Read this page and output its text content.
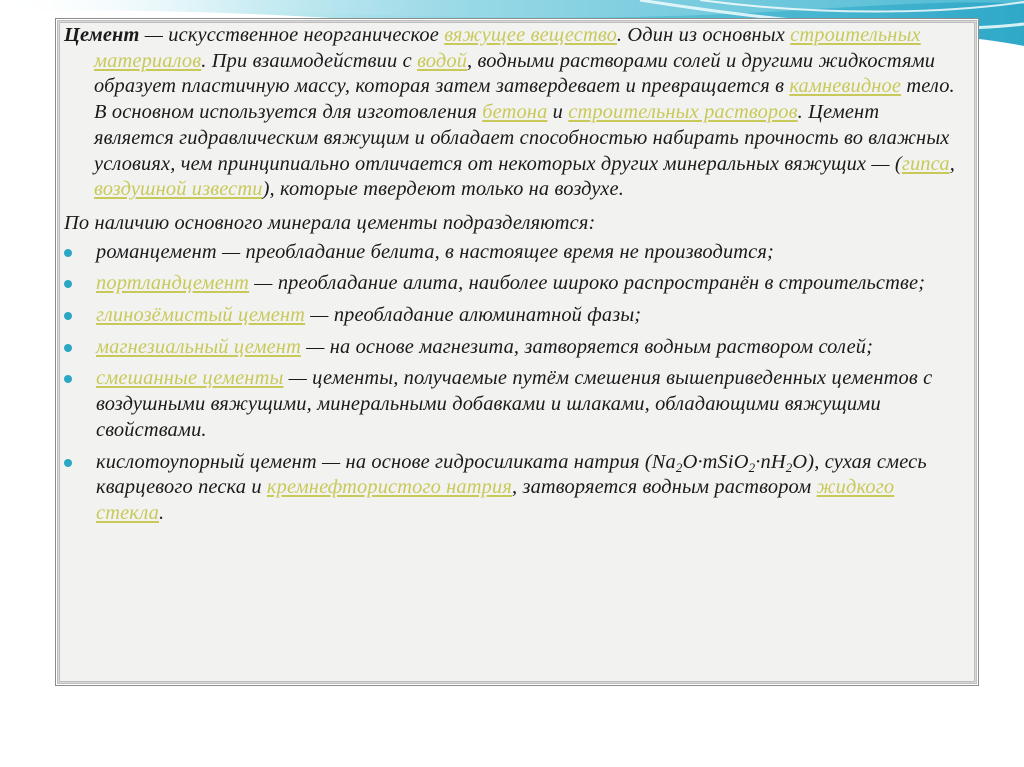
Цемент — искусственное неорганическое вяжущее вещество. Один из основных строительных материалов. При взаимодействии с водой, водными растворами солей и другими жидкостями образует пластичную массу, которая затем затвердевает и превращается в камневидное тело. В основном используется для изготовления бетона и строительных растворов. Цемент является гидравлическим вяжущим и обладает способностью набирать прочность во влажных условиях, чем принципиально отличается от некоторых других минеральных вяжущих — (гипса, воздушной извести), которые твердеют только на воздухе.

По наличию основного минерала цементы подразделяются:

романцемент — преобладание белита, в настоящее время не производится;
портландцемент — преобладание алита, наиболее широко распространён в строительстве;
глинозёмистый цемент — преобладание алюминатной фазы;
магнезиальный цемент — на основе магнезита, затворяется водным раствором солей;
смешанные цементы — цементы, получаемые путём смешения вышеприведенных цементов с воздушными вяжущими, минеральными добавками и шлаками, обладающими вяжущими свойствами.
кислотоупорный цемент — на основе гидросиликата натрия $(Na_2O\cdot mSiO_2\cdot nH_2O)$, сухая смесь кварцевого песка и кремнефтористого натрия, затворяется водным раствором жидкого стекла.
